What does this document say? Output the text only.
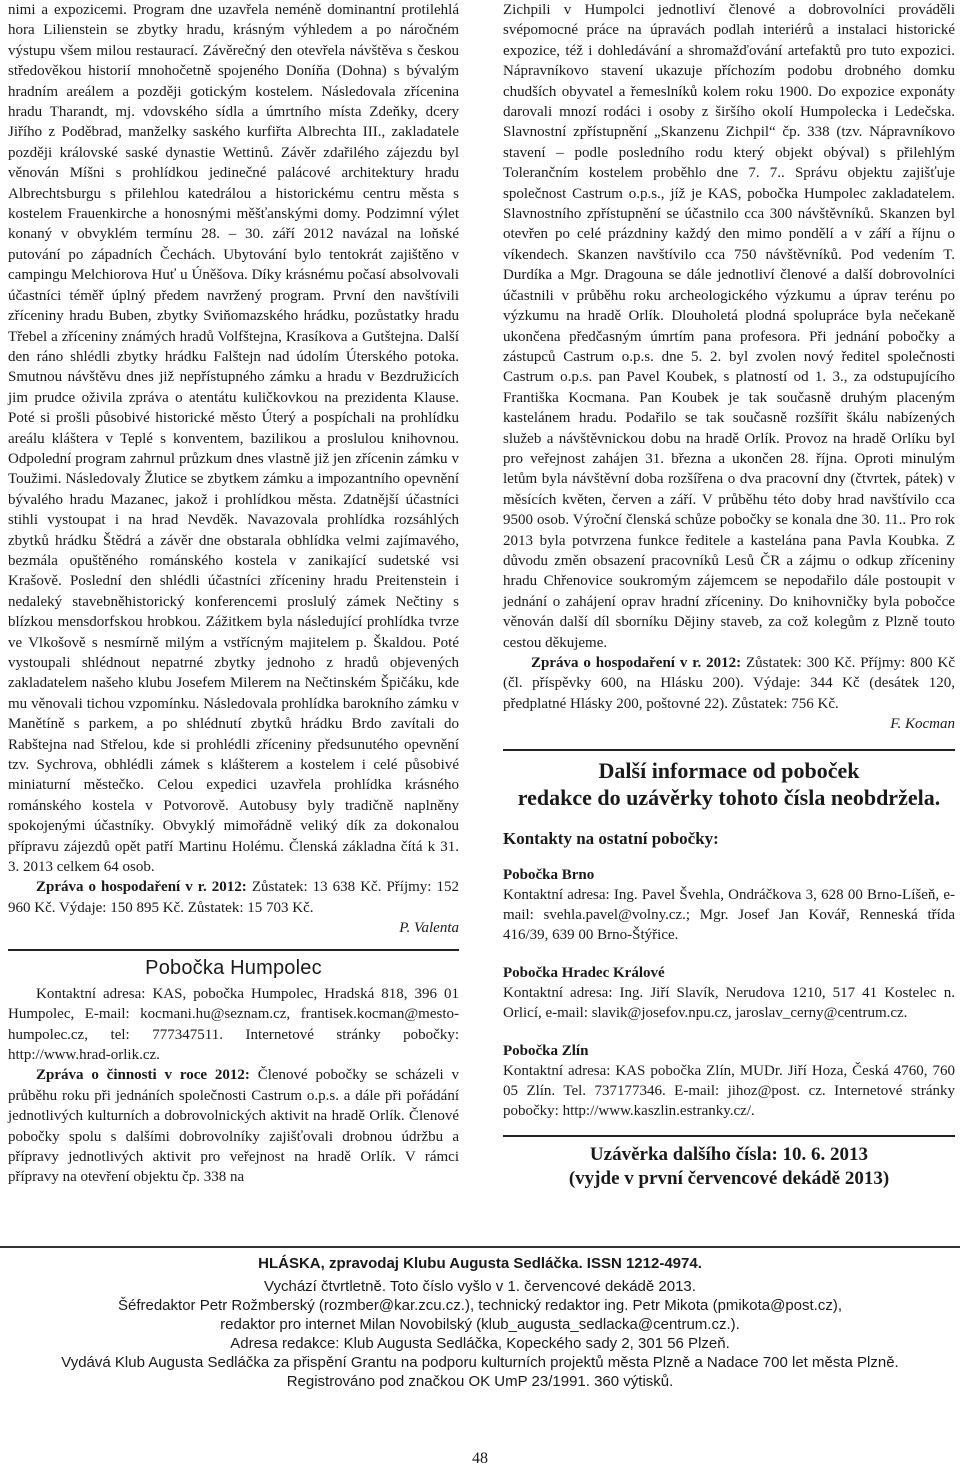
nimi a expozicemi. Program dne uzavřela neméně dominantní protilehlá hora Lilienstein se zbytky hradu, krásným výhledem a po náročném výstupu všem milou restaurací. Závěrečný den otevřela návštěva s českou středověkou historií mnohočetně spojeného Doníňa (Dohna) s bývalým hradním areálem a později gotickým kostelem. Následovala zřícenina hradu Tharandt, mj. vdovského sídla a úmrtního místa Zdeňky, dcery Jiřího z Poděbrad, manželky saského kurfiřta Albrechta III., zakladatele později královské saské dynastie Wettinů. Závěr zdařilého zájezdu byl věnován Míšni s prohlídkou jedinečné palácové architektury hradu Albrechtsburgu s přilehlou katedrálou a historickému centru města s kostelem Frauenkirche a honosnými měšťanskými domy. Podzimní výlet konaný v obvyklém termínu 28. – 30. září 2012 navázal na loňské putování po západních Čechách. Ubytování bylo tentokrát zajištěno v campingu Melchiorova Huť u Úněšova. Díky krásnému počasí absolvovali účastníci téměř úplný předem navržený program. První den navštívili zříceniny hradu Buben, zbytky Sviňomazského hrádku, pozůstatky hradu Třebel a zříceniny známých hradů Volfštejna, Krasíkova a Gutštejna. Další den ráno shlédli zbytky hrádku Falštejn nad údolím Úterského potoka. Smutnou návštěvu dnes již nepřístupného zámku a hradu v Bezdružicích jim prudce oživila zpráva o atentátu kuličkovkou na prezidenta Klause. Poté si prošli působivé historické město Úterý a pospíchali na prohlídku areálu kláštera v Teplé s konventem, bazilikou a proslulou knihovnou. Odpolední program zahrnul průzkum dnes vlastně již jen zřícenin zámku v Toužimi. Následovaly Žlutice se zbytkem zámku a impozantního opevnění bývalého hradu Mazanec, jakož i prohlídkou města. Zdatnější účastníci stihli vystoupat i na hrad Nevděk. Navazovala prohlídka rozsáhlých zbytků hrádku Štědrá a závěr dne obstarala obhlídka velmi zajímavého, bezmála opuštěného románského kostela v zanikající sudetské vsi Krašově. Poslední den shlédli účastníci zříceniny hradu Preitenstein i nedaleký stavebněhistorický konferencemi proslulý zámek Nečtiny s blízkou mensdorfskou hrobkou. Zážitkem byla následující prohlídka tvrze ve Vlkošově s nesmírně milým a vstřícným majitelem p. Škaldou. Poté vystoupali shlédnout nepatrné zbytky jednoho z hradů objevených zakladatelem našeho klubu Josefem Milerem na Nečtinském Špičáku, kde mu věnovali tichou vzpomínku. Následovala prohlídka barokního zámku v Manětíně s parkem, a po shlédnutí zbytků hrádku Brdo zavítali do Rabštejna nad Střelou, kde si prohlédli zříceniny předsunutého opevnění tzv. Sychrova, obhlédli zámek s klášterem a kostelem i celé působivé miniaturní městečko. Celou expedici uzavřela prohlídka krásného románského kostela v Potvorově. Autobusy byly tradičně naplněny spokojenými účastníky. Obvyklý mimořádně veliký dík za dokonalou přípravu zájezdů opět patří Martinu Holému. Členská základna čítá k 31. 3. 2013 celkem 64 osob.

Zpráva o hospodaření v r. 2012: Zůstatek: 13 638 Kč. Příjmy: 152 960 Kč. Výdaje: 150 895 Kč. Zůstatek: 15 703 Kč.

P. Valenta

Pobočka Humpolec

Kontaktní adresa: KAS, pobočka Humpolec, Hradská 818, 396 01 Humpolec, E-mail: kocmani.hu@seznam.cz, frantisek.kocman@mesto-humpolec.cz, tel: 777347511. Internetové stránky pobočky: http://www.hrad-orlik.cz.

Zpráva o činnosti v roce 2012: Členové pobočky se scházeli v průběhu roku při jednáních společnosti Castrum o.p.s. a dále při pořádání jednotlivých kulturních a dobrovolnických aktivit na hradě Orlík. Členové pobočky spolu s dalšími dobrovolníky zajišťovali drobnou údržbu a přípravy jednotlivých aktivit pro veřejnost na hradě Orlík. V rámci přípravy na otevření objektu čp. 338 na

Zichpili v Humpolci jednotliví členové a dobrovolníci prováděli svépomocné práce na úpravách podlah interiérů a instalaci historické expozice, též i dohledávání a shromažďování artefaktů pro tuto expozici. Nápravníkovo stavení ukazuje příchozím podobu drobného domku chudších obyvatel a řemeslníků kolem roku 1900. Do expozice exponáty darovali mnozí rodáci i osoby z širšího okolí Humpolecka i Ledečska. Slavnostní zpřístupnění „Skanzenu Zichpil“ čp. 338 (tzv. Nápravníkovo stavení – podle posledního rodu který objekt obýval) s přilehlým Tolerančním kostelem proběhlo dne 7. 7.. Správu objektu zajišťuje společnost Castrum o.p.s., jíž je KAS, pobočka Humpolec zakladatelem. Slavnostního zpřístupnění se účastnilo cca 300 návštěvníků. Skanzen byl otevřen po celé prázdniny každý den mimo pondělí a v září a říjnu o víkendech. Skanzen navštívilo cca 750 návštěvníků. Pod vedením T. Durdíka a Mgr. Dragouna se dále jednotliví členové a další dobrovolníci účastnili v průběhu roku archeologického výzkumu a úprav terénu po výzkumu na hradě Orlík. Dlouholetá plodná spolupráce byla nečekaně ukončena předčasným úmrtím pana profesora. Při jednání pobočky a zástupců Castrum o.p.s. dne 5. 2. byl zvolen nový ředitel společnosti Castrum o.p.s. pan Pavel Koubek, s platností od 1. 3., za odstupujícího Františka Kocmana. Pan Koubek je tak současně druhým placeným kastelánem hradu. Podařilo se tak současně rozšířit škálu nabízených služeb a návštěvnickou dobu na hradě Orlík. Provoz na hradě Orlíku byl pro veřejnost zahájen 31. března a ukončen 28. října. Oproti minulým letům byla návštěvní doba rozšířena o dva pracovní dny (čtvrtek, pátek) v měsících květen, červen a září. V průběhu této doby hrad navštívilo cca 9500 osob. Výroční členská schůze pobočky se konala dne 30. 11.. Pro rok 2013 byla potvrzena funkce ředitele a kastelána pana Pavla Koubka. Z důvodu změn obsazení pracovníků Lesů ČR a zájmu o odkup zříceniny hradu Chřenovice soukromým zájemcem se nepodařilo dále postoupit v jednání o zahájení oprav hradní zříceniny. Do knihovničky byla pobočce věnován další díl sborníku Dějiny staveb, za což kolegům z Plzně touto cestou děkujeme.

Zpráva o hospodaření v r. 2012: Zůstatek: 300 Kč. Příjmy: 800 Kč (čl. příspěvky 600, na Hlásku 200). Výdaje: 344 Kč (desátek 120, předplatné Hlásky 200, poštovné 22). Zůstatek: 756 Kč.

F. Kocman

Další informace od poboček

redakce do uzávěrky tohoto čísla neobdržela.

Kontakty na ostatní pobočky:

Pobočka Brno

Kontaktní adresa: Ing. Pavel Švehla, Ondráčkova 3, 628 00 Brno-Líšeň, e-mail: svehla.pavel@volny.cz.; Mgr. Josef Jan Kovář, Renneská třída 416/39, 639 00 Brno-Štýřice.

Pobočka Hradec Králové

Kontaktní adresa: Ing. Jiří Slavík, Nerudova 1210, 517 41 Kostelec n. Orlicí, e-mail: slavik@josefov.npu.cz, jaroslav_cerny@centrum.cz.

Pobočka Zlín

Kontaktní adresa: KAS pobočka Zlín, MUDr. Jiří Hoza, Česká 4760, 760 05 Zlín. Tel. 737177346. E-mail: jihoz@post. cz. Internetové stránky pobočky: http://www.kaszlin.estranky.cz/.

Uzávěrka dalšího čísla: 10. 6. 2013

(vyjde v první červencové dekádě 2013)

HLÁSKA, zpravodaj Klubu Augusta Sedláčka. ISSN 1212-4974.
Vychází čtvrtletně. Toto číslo vyšlo v 1. červencové dekádě 2013.
Šéfredaktor Petr Rožmberský (rozmber@kar.zcu.cz.), technický redaktor ing. Petr Mikota (pmikota@post.cz),
redaktor pro internet Milan Novobilský (klub_augusta_sedlacka@centrum.cz.).
Adresa redakce: Klub Augusta Sedláčka, Kopeckého sady 2, 301 56 Plzeň.
Vydává Klub Augusta Sedláčka za přispění Grantu na podporu kulturních projektů města Plzně a Nadace 700 let města Plzně.
Registrováno pod značkou OK UmP 23/1991. 360 výtisků.
48
